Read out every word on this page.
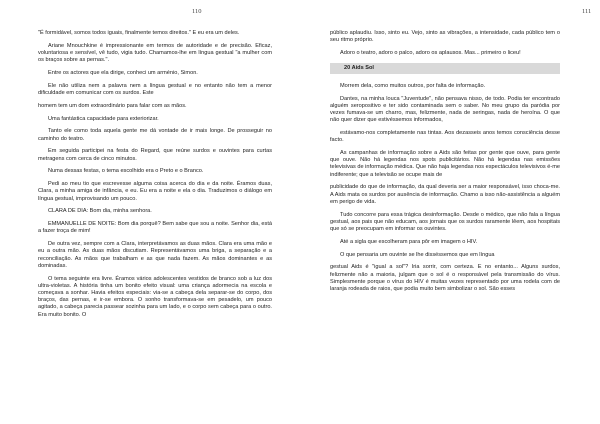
110

"É formidável, somos todos iguais, finalmente temos direitos." E eu era um deles.

Ariane Mnouchkine é impressionante em termos de autoridade e de precisão. Eficaz, voluntariosa e sensível, vê tudo, vigia tudo. Chamamos-lhe em língua gestual "a mulher com os braços sobre as pernas.".

Entre os actores que ela dirige, conheci um arménio, Simon.

Ele não utiliza nem a palavra nem a língua gestual e no entanto não tem a menor dificuldade em comunicar com os surdos. Este

homem tem um dom extraordinário para falar com as mãos.

Uma fantástica capacidade para exteriorizar.

Tanto ele como toda aquela gente me dá vontade de ir mais longe. De prosseguir no caminho do teatro.

Em seguida participei na festa do Regard, que reúne surdos e ouvintes para curtas metragens com cerca de cinco minutos.

Numa dessas festas, o tema escolhido era o Preto e o Branco.

Pedi ao meu tio que escrevesse alguma coisa acerca do dia e da noite. Éramos duas, Clara, a minha amiga de infância, e eu. Eu era a noite e ela o dia. Traduzimos o diálogo em língua gestual, improvisando um pouco.

CLARA DE DIA: Bom dia, minha senhora.

EMMANUELLE DE NOITE: Bom dia porquê? Bem sabe que sou a noite. Senhor dia, está a fazer troça de mim!

De outra vez, sempre com a Clara, interpretávamos as duas mãos. Clara era uma mão e eu a outra mão. As duas mãos discutiam. Representávamos uma briga, a separação e a reconciliação. As mãos que trabalham e as que nada fazem. As mãos dominantes e as dominadas.

O tema seguinte era livre. Éramos vários adolescentes vestidos de branco sob a luz dos ultra-violetas. A história tinha um bonito efeito visual: uma criança adormecia na escola e começava a sonhar. Havia efeitos especiais: via-se a cabeça dela separar-se do corpo, dos braços, das pernas, e ir-se embora. O sonho transformava-se em pesadelo, um pouco agitado, a cabeça parecia passear sozinha para um lado, e o corpo sem cabeça para o outro. Era muito bonito. O

111

público aplaudiu. Isso, sinto eu. Vejo, sinto as vibrações, a intensidade, cada público tem o seu ritmo próprio.

Adoro o teatro, adoro o palco, adoro os aplausos. Mas... primeiro o liceu!

20 Aids Sol

Morrem dela, como muitos outros, por falta de informação.

Dantes, na minha louca "Juventude", não pensava nisso, de todo. Podia ter encontrado alguém seropositivo e ter sido contaminada sem o saber. No meu grupo da paródia por vezes fumava-se um charro, mas, felizmente, nada de seringas, nada de heroína. O que não quer dizer que estivéssemos informados,

estávamo-nos completamente nas tintas. Aos dezasseis anos temos consciência desse facto.

As campanhas de informação sobre a Aids são feitas por gente que ouve, para gente que ouve. Não há legendas nos spots publicitários. Não há legendas nas emissões televisivas de informação médica. Que não haja legendas nos espectáculos televisivos é-me indiferente; que a televisão se ocupe mais de

publicidade do que de informação, da qual deveria ser a maior responsável, isso choca-me. A Aids mata os surdos por ausência de informação. Chamo a isso não-assistência a alguém em perigo de vida.

Tudo concorre para essa trágica desinformação. Desde o médico, que não fala a língua gestual, aos pais que não educam, aos jornais que os surdos raramente lêem, aos hospitais que só se preocupam em informar os ouvintes.

Até a sigla que escolheram para pôr em imagem o HIV.

O que pensaria um ouvinte se lhe disséssemos que em língua

gestual Aids é "igual a sol"? Iria sorrir, com certeza. E no entanto... Alguns surdos, felizmente não a maioria, julgam que o sol é o responsável pela transmissão do vírus. Simplesmente porque o vírus do HIV é muitas vezes representado por uma rodela com de laranja rodeada de raios, que podia muito bem simbolizar o sol. São esses
